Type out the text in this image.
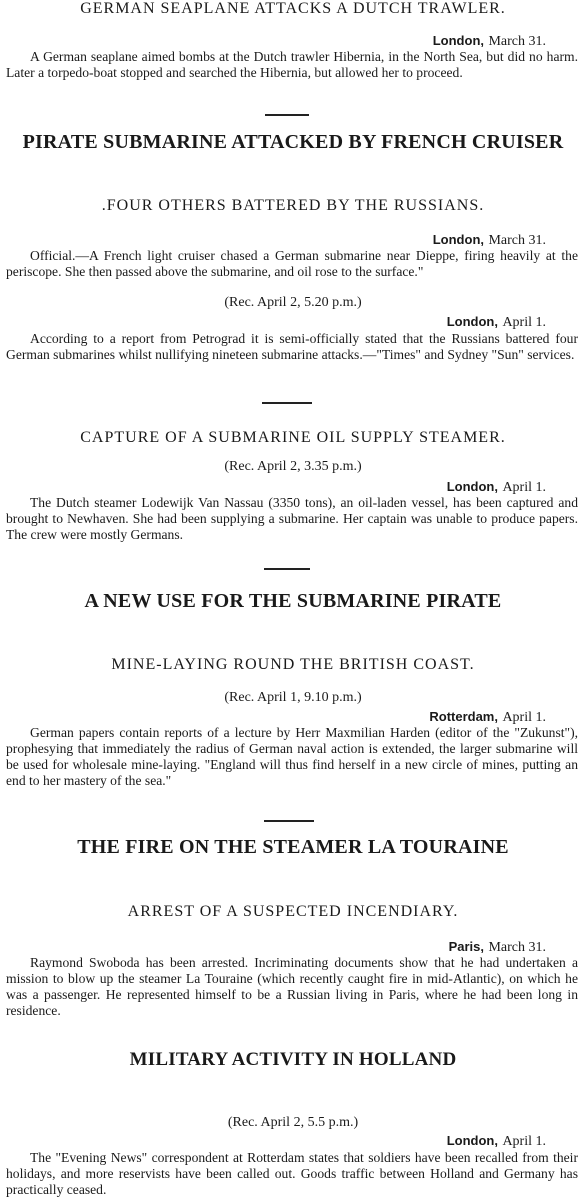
GERMAN SEAPLANE ATTACKS A DUTCH TRAWLER.
London, March 31.

A German seaplane aimed bombs at the Dutch trawler Hibernia, in the North Sea, but did no harm. Later a torpedo-boat stopped and searched the Hibernia, but allowed her to proceed.

PIRATE SUBMARINE ATTACKED BY FRENCH CRUISER
.FOUR OTHERS BATTERED BY THE RUSSIANS.
London, March 31.

Official.—A French light cruiser chased a German submarine near Dieppe, firing heavily at the periscope. She then passed above the submarine, and oil rose to the surface."

(Rec. April 2, 5.20 p.m.)
London, April 1.

According to a report from Petrograd it is semi-officially stated that the Russians battered four German submarines whilst nullifying nineteen submarine attacks.—"Times" and Sydney "Sun" services.

CAPTURE OF A SUBMARINE OIL SUPPLY STEAMER.
(Rec. April 2, 3.35 p.m.)
London, April 1.

The Dutch steamer Lodewijk Van Nassau (3350 tons), an oil-laden vessel, has been captured and brought to Newhaven. She had been supplying a submarine. Her captain was unable to produce papers. The crew were mostly Germans.

A NEW USE FOR THE SUBMARINE PIRATE
MINE-LAYING ROUND THE BRITISH COAST.
(Rec. April 1, 9.10 p.m.)
Rotterdam, April 1.

German papers contain reports of a lecture by Herr Maxmilian Harden (editor of the "Zukunst"), prophesying that immediately the radius of German naval action is extended, the larger submarine will be used for wholesale mine-laying. "England will thus find herself in a new circle of mines, putting an end to her mastery of the sea."

THE FIRE ON THE STEAMER LA TOURAINE
ARREST OF A SUSPECTED INCENDIARY.
Paris, March 31.

Raymond Swoboda has been arrested. Incriminating documents show that he had undertaken a mission to blow up the steamer La Touraine (which recently caught fire in mid-Atlantic), on which he was a passenger. He represented himself to be a Russian living in Paris, where he had been long in residence.

MILITARY ACTIVITY IN HOLLAND
(Rec. April 2, 5.5 p.m.)
London, April 1.

The "Evening News" correspondent at Rotterdam states that soldiers have been recalled from their holidays, and more reservists have been called out. Goods traffic between Holland and Germany has practically ceased.
